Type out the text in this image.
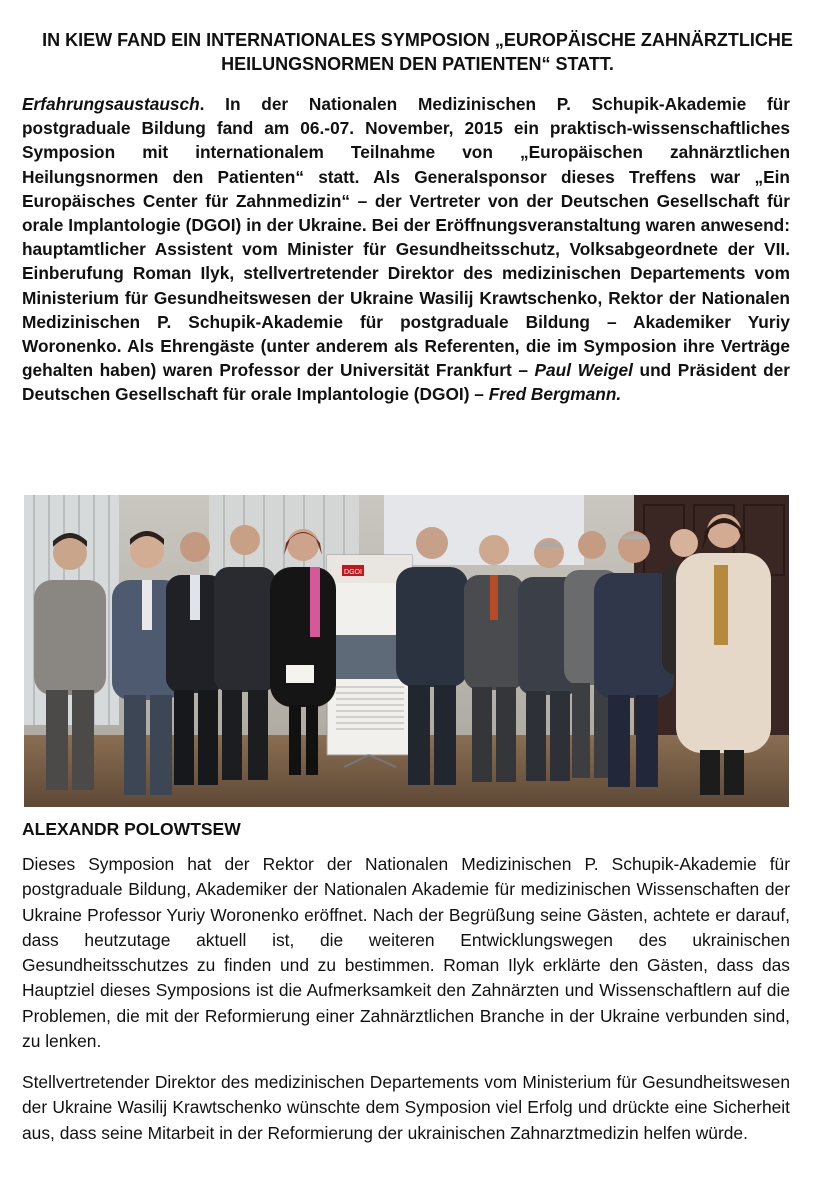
IN KIEW FAND EIN INTERNATIONALES SYMPOSION „EUROPÄISCHE ZAHNÄRZTLICHE HEILUNGSNORMEN DEN PATIENTEN“ STATT.

Erfahrungsaustausch. In der Nationalen Medizinischen P. Schupik-Akademie für postgraduale Bildung fand am 06.-07. November, 2015 ein praktisch-wissenschaftliches Symposion mit internationalem Teilnahme von „Europäischen zahnärztlichen Heilungsnormen den Patienten“ statt. Als Generalsponsor dieses Treffens war „Ein Europäisches Center für Zahnmedizin“ – der Vertreter von der Deutschen Gesellschaft für orale Implantologie (DGOI) in der Ukraine. Bei der Eröffnungsveranstaltung waren anwesend: hauptamtlicher Assistent vom Minister für Gesundheitsschutz, Volksabgeordnete der VII. Einberufung Roman Ilyk, stellvertretender Direktor des medizinischen Departements vom Ministerium für Gesundheitswesen der Ukraine Wasilij Krawtschenko, Rektor der Nationalen Medizinischen P. Schupik-Akademie für postgraduale Bildung – Akademiker Yuriy Woronenko. Als Ehrengäste (unter anderem als Referenten, die im Symposion ihre Verträge gehalten haben) waren Professor der Universität Frankfurt – Paul Weigel und Präsident der Deutschen Gesellschaft für orale Implantologie (DGOI) – Fred Bergmann.

DGOI

ALEXANDR POLOWTSEW

Dieses Symposion hat der Rektor der Nationalen Medizinischen P. Schupik-Akademie für postgraduale Bildung, Akademiker der Nationalen Akademie für medizinischen Wissenschaften der Ukraine Professor Yuriy Woronenko eröffnet. Nach der Begrüßung seine Gästen, achtete er darauf, dass heutzutage aktuell ist, die weiteren Entwicklungswegen des ukrainischen Gesundheitsschutzes zu finden und zu bestimmen. Roman Ilyk erklärte den Gästen, dass das Hauptziel dieses Symposions ist die Aufmerksamkeit den Zahnärzten und Wissenschaftlern auf die Problemen, die mit der Reformierung einer Zahnärztlichen Branche in der Ukraine verbunden sind, zu lenken.

Stellvertretender Direktor des medizinischen Departements vom Ministerium für Gesundheitswesen der Ukraine Wasilij Krawtschenko wünschte dem Symposion viel Erfolg und drückte eine Sicherheit aus, dass seine Mitarbeit in der Reformierung der ukrainischen Zahnarztmedizin helfen würde.
